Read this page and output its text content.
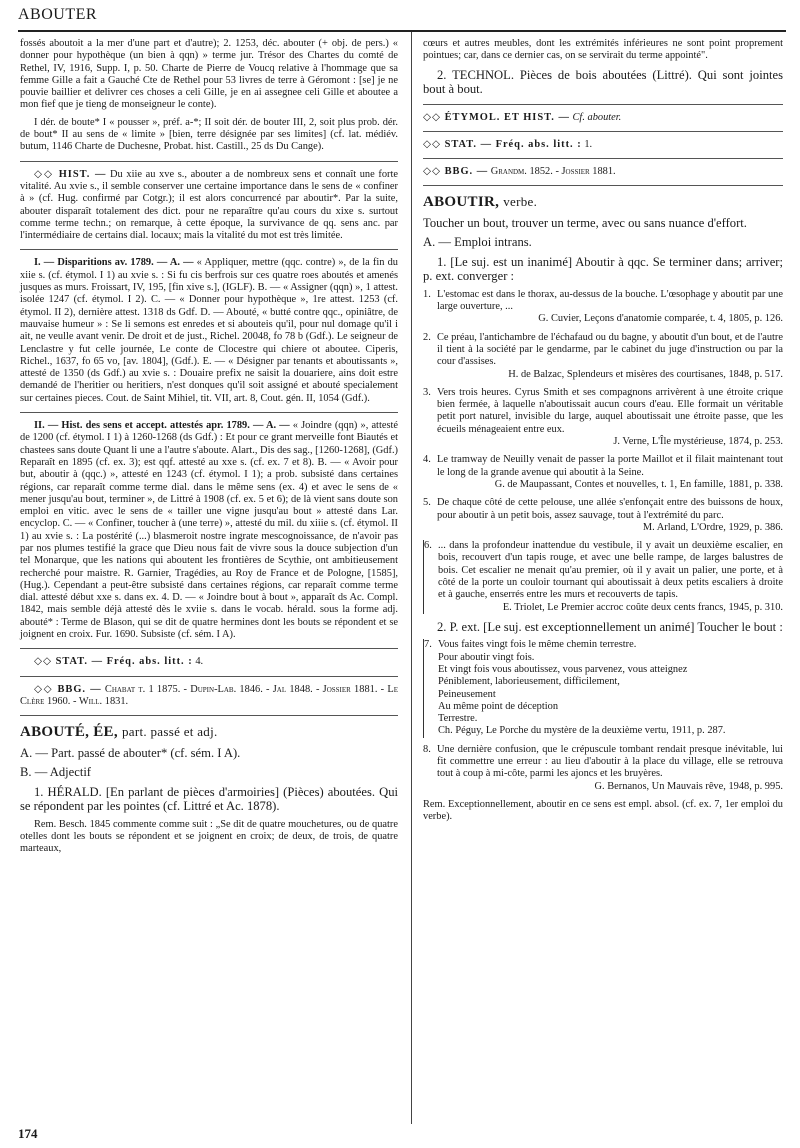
ABOUTER

fossés aboutoit a la mer d'une part et d'autre); 2. 1253, déc. abouter (+ obj. de pers.) « donner pour hypothèque (un bien à qqn) » terme jur. Trésor des Chartes du comté de Rethel, IV, 1916, Supp. I, p. 50. Charte de Pierre de Voucq relative à l'hommage que sa femme Gille a fait a Gauché Cte de Rethel pour 53 livres de terre à Géromont : [se] je ne pouvie baillier et delivrer ces choses a celi Gille, je en ai assegnee celi Gille et aboutee a mon fief que je tieng de monseigneur le conte).

I dér. de boute* I « pousser », préf. a-*; II soit dér. de bouter III, 2, soit plus prob. dér. de bout* II au sens de « limite » [bien, terre désignée par ses limites] (cf. lat. médiév. butum, 1146 Charte de Duchesne, Probat. hist. Castill., 25 ds Du Cange).

◇◇ HIST. — Du xiie au xve s., abouter a de nombreux sens et connaît une forte vitalité. Au xvie s., il semble conserver une certaine importance dans le sens de « confiner à » (cf. Hug. confirmé par Cotgr.); il est alors concurrencé par aboutir*. Par la suite, abouter disparaît totalement des dict. pour ne reparaître qu'au cours du xixe s. surtout comme terme techn.; on remarque, à cette époque, la survivance de qq. sens anc. par l'intermédiaire de certains dial. locaux; mais la vitalité du mot est très limitée.

I. — Disparitions av. 1789. — A. — « Appliquer, mettre (qqc. contre) », de la fin du xiie s. (cf. étymol. I 1) au xvie s. : Si fu cis berfrois sur ces quatre roes aboutés et amenés jusques as murs. Froissart, IV, 195, [fin xive s.], (IGLF). B. — « Assigner (qqn) », 1 attest. isolée 1247 (cf. étymol. I 2). C. — « Donner pour hypothèque », 1re attest. 1253 (cf. étymol. II 2), dernière attest. 1318 ds Gdf. D. — Abouté, « butté contre qqc., opiniâtre, de mauvaise humeur » : Se li semons est enredes et si abouteis qu'il, pour nul domage qu'il i ait, ne veulle avant venir. De droit et de just., Richel. 20048, fo 78 b (Gdf.). Le seigneur de Lenclastre y fut celle journée, Le conte de Clocestre qui chiere ot aboutee. Ciperis, Richel., 1637, fo 65 vo, [av. 1804], (Gdf.). E. — « Désigner par tenants et aboutissants », attesté de 1350 (ds Gdf.) au xvie s. : Douaire prefix ne saisit la douariere, ains doit estre demandé de l'heritier ou heritiers, n'est donques qu'il soit assigné et abouté specialement sur certaines pieces. Cout. de Saint Mihiel, tit. VII, art. 8, Cout. gén. II, 1054 (Gdf.).

II. — Hist. des sens et accept. attestés apr. 1789. — A. — « Joindre (qqn) », attesté de 1200 (cf. étymol. I 1) à 1260-1268 (ds Gdf.) : Et pour ce grant merveille font Biautés et chastees sans doute Quant li une a l'autre s'aboute. Alart., Dis des sag., [1260-1268], (Gdf.) Reparaît en 1895 (cf. ex. 3); est qqf. attesté au xxe s. (cf. ex. 7 et 8). B. — « Avoir pour but, aboutir à (qqc.) », attesté en 1243 (cf. étymol. I 1); a prob. subsisté dans certaines régions, car reparaît comme terme dial. dans le même sens (ex. 4) et avec le sens de « mener jusqu'au bout, terminer », de Littré à 1908 (cf. ex. 5 et 6); de là vient sans doute son emploi en vitic. avec le sens de « tailler une vigne jusqu'au bout » attesté dans Lar. encyclop. C. — « Confiner, toucher à (une terre) », attesté du mil. du xiiie s. (cf. étymol. II 1) au xvie s. : La postérité (...) blasmeroit nostre ingrate mescognoissance, de n'avoir pas par nos plumes testifié la grace que Dieu nous fait de vivre sous la douce subjection d'un tel Monarque, que les nations qui aboutent les frontières de Scythie, ont ambitieusement recherché pour maistre. R. Garnier, Tragédies, au Roy de France et de Pologne, [1585], (Hug.). Cependant a peut-être subsisté dans certaines régions, car reparaît comme terme dial. attesté début xxe s. dans ex. 4. D. — « Joindre bout à bout », apparaît ds Ac. Compl. 1842, mais semble déjà attesté dès le xviie s. dans le vocab. hérald. sous la forme adj. abouté* : Terme de Blason, qui se dit de quatre hermines dont les bouts se répondent et se joignent en croix. Fur. 1690. Subsiste (cf. sém. I A).

◇◇ STAT. — Fréq. abs. litt. : 4.

◇◇ BBG. — Chabat t. 1 1875. - Dupin-Lab. 1846. - Jal 1848. - Jossier 1881. - Le Clère 1960. - Will. 1831.

ABOUTÉ, ÉE, part. passé et adj.

A. — Part. passé de abouter* (cf. sém. I A).

B. — Adjectif

1. HÉRALD. [En parlant de pièces d'armoiries] (Pièces) aboutées. Qui se répondent par les pointes (cf. Littré et Ac. 1878).

Rem. Besch. 1845 commente comme suit : „Se dit de quatre mouchetures, ou de quatre otelles dont les bouts se répondent et se joignent en croix; de deux, de trois, de quatre marteaux,

cœurs et autres meubles, dont les extrémités inférieures ne sont point proprement pointues; car, dans ce dernier cas, on se servirait du terme appointé".

2. TECHNOL. Pièces de bois aboutées (Littré). Qui sont jointes bout à bout.

◇◇ ÉTYMOL. ET HIST. — Cf. abouter.

◇◇ STAT. — Fréq. abs. litt. : 1.

◇◇ BBG. — Grandm. 1852. - Jossier 1881.

ABOUTIR, verbe.

Toucher un bout, trouver un terme, avec ou sans nuance d'effort.

A. — Emploi intrans.

1. [Le suj. est un inanimé] Aboutir à qqc. Se terminer dans; arriver; p. ext. converger :

1. L'estomac est dans le thorax, au-dessus de la bouche. L'œsophage y aboutit par une large ouverture, ...
G. Cuvier, Leçons d'anatomie comparée, t. 4, 1805, p. 126.
2. Ce préau, l'antichambre de l'échafaud ou du bagne, y aboutit d'un bout, et de l'autre il tient à la société par le gendarme, par le cabinet du juge d'instruction ou par la cour d'assises.
H. de Balzac, Splendeurs et misères des courtisanes, 1848, p. 517.
3. Vers trois heures. Cyrus Smith et ses compagnons arrivèrent à une étroite crique bien fermée, à laquelle n'aboutissait aucun cours d'eau. Elle formait un véritable petit port naturel, invisible du large, auquel aboutissait une étroite passe, que les écueils ménageaient entre eux.
J. Verne, L'Île mystérieuse, 1874, p. 253.
4. Le tramway de Neuilly venait de passer la porte Maillot et il filait maintenant tout le long de la grande avenue qui aboutit à la Seine.
G. de Maupassant, Contes et nouvelles, t. 1, En famille, 1881, p. 338.
5. De chaque côté de cette pelouse, une allée s'enfonçait entre des buissons de houx, pour aboutir à un petit bois, assez sauvage, tout à l'extrémité du parc.
M. Arland, L'Ordre, 1929, p. 386.
6. ... dans la profondeur inattendue du vestibule, il y avait un deuxième escalier, en bois, recouvert d'un tapis rouge, et avec une belle rampe, de larges balustres de bois. Cet escalier ne menait qu'au premier, où il y avait un palier, une porte, et à côté de la porte un couloir tournant qui aboutissait à deux petits escaliers à droite et à gauche, enserrés entre les murs et recouverts de tapis.
E. Triolet, Le Premier accroc coûte deux cents francs, 1945, p. 310.

2. P. ext. [Le suj. est exceptionnellement un animé] Toucher le bout :

7. Vous faites vingt fois le même chemin terrestre.
Pour aboutir vingt fois.
Et vingt fois vous aboutissez, vous parvenez, vous atteignez
Péniblement, laborieusement, difficilement,
Peineusement
Au même point de déception
Terrestre.
Ch. Péguy, Le Porche du mystère de la deuxième vertu, 1911, p. 287.
8. Une dernière confusion, que le crépuscule tombant rendait presque inévitable, lui fit commettre une erreur : au lieu d'aboutir à la place du village, elle se retrouva tout à coup à mi-côte, parmi les ajoncs et les bruyères.
G. Bernanos, Un Mauvais rêve, 1948, p. 995.

Rem. Exceptionnellement, aboutir en ce sens est empl. absol. (cf. ex. 7, 1er emploi du verbe).

174
